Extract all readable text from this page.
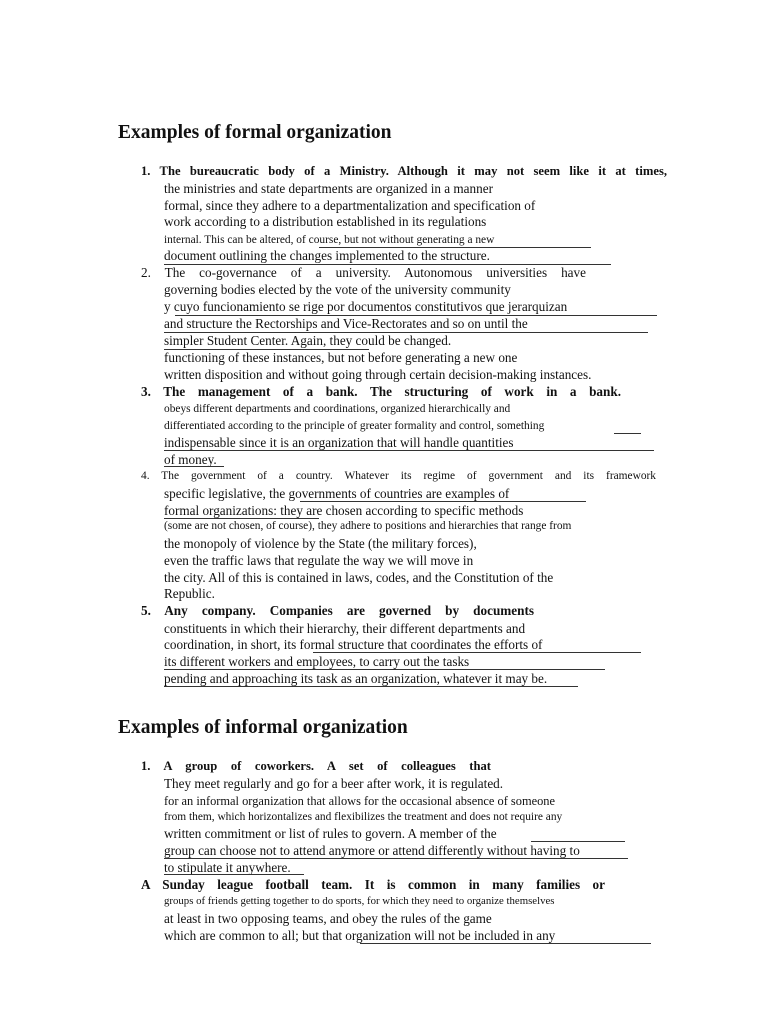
Examples of formal organization

1. The bureaucratic body of a Ministry. Although it may not seem like it at times,

the ministries and state departments are organized in a manner

formal, since they adhere to a departmentalization and specification of

work according to a distribution established in its regulations

internal. This can be altered, of course, but not without generating a new

document outlining the changes implemented to the structure.

2. The co-governance of a university. Autonomous universities have

governing bodies elected by the vote of the university community

y cuyo funcionamiento se rige por documentos constitutivos que jerarquizan

and structure the Rectorships and Vice-Rectorates and so on until the

simpler Student Center. Again, they could be changed.

functioning of these instances, but not before generating a new one

written disposition and without going through certain decision-making instances.

3. The management of a bank. The structuring of work in a bank.

obeys different departments and coordinations, organized hierarchically and

differentiated according to the principle of greater formality and control, something

indispensable since it is an organization that will handle quantities

of money.

4. The government of a country. Whatever its regime of government and its framework

specific legislative, the governments of countries are examples of

formal organizations: they are chosen according to specific methods

(some are not chosen, of course), they adhere to positions and hierarchies that range from

the monopoly of violence by the State (the military forces),

even the traffic laws that regulate the way we will move in

the city. All of this is contained in laws, codes, and the Constitution of the

Republic.

5. Any company. Companies are governed by documents

constituents in which their hierarchy, their different departments and

coordination, in short, its formal structure that coordinates the efforts of

its different workers and employees, to carry out the tasks

pending and approaching its task as an organization, whatever it may be.

Examples of informal organization

1. A group of coworkers. A set of colleagues that

They meet regularly and go for a beer after work, it is regulated.

for an informal organization that allows for the occasional absence of someone

from them, which horizontalizes and flexibilizes the treatment and does not require any

written commitment or list of rules to govern. A member of the

group can choose not to attend anymore or attend differently without having to

to stipulate it anywhere.

A Sunday league football team. It is common in many families or

groups of friends getting together to do sports, for which they need to organize themselves

at least in two opposing teams, and obey the rules of the game

which are common to all; but that organization will not be included in any
